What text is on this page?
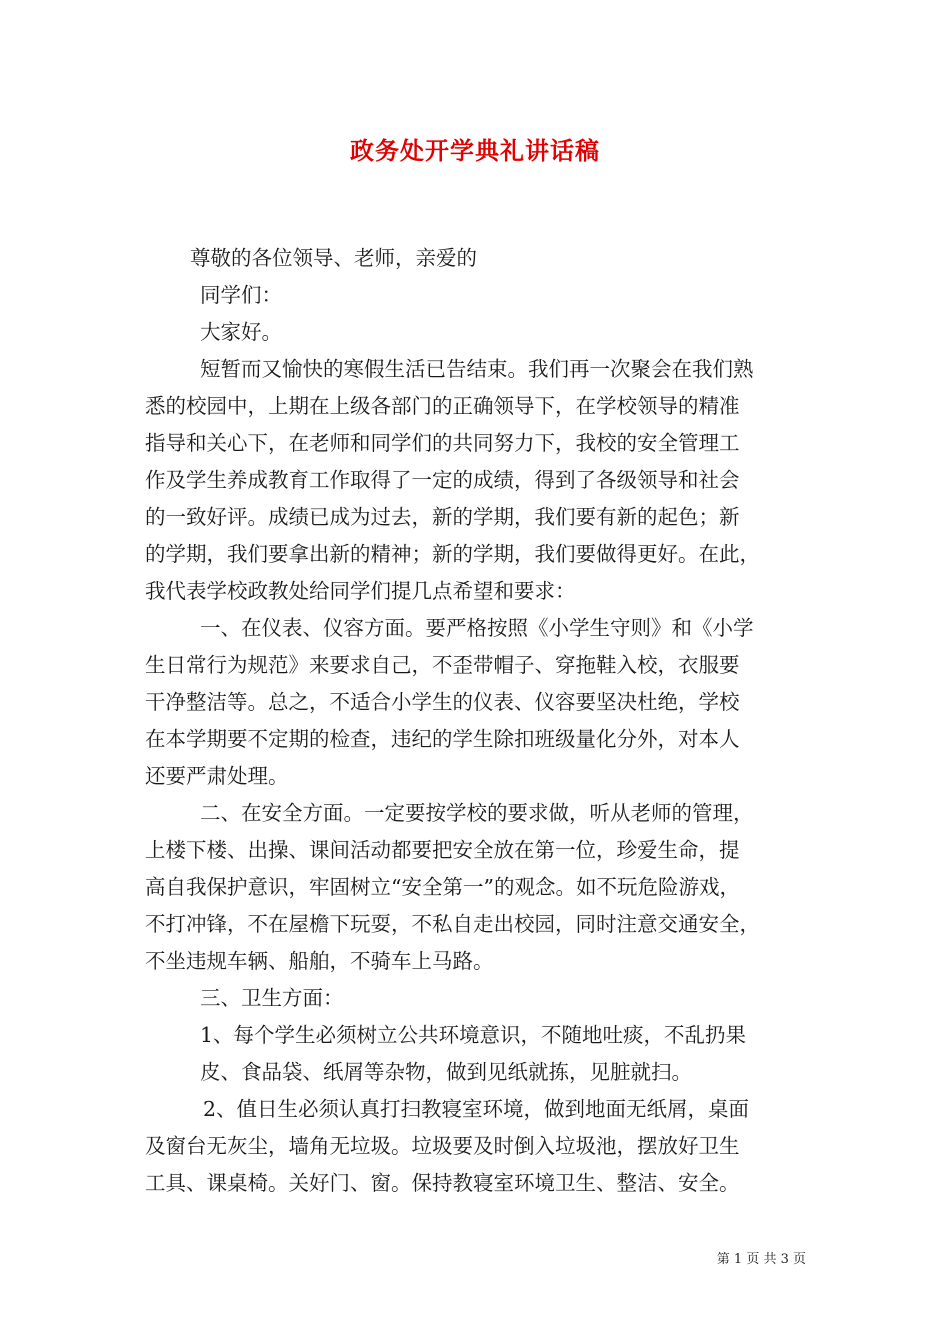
政务处开学典礼讲话稿
尊敬的各位领导、老师，亲爱的
同学们：
大家好。
短暂而又愉快的寒假生活已告结束。我们再一次聚会在我们熟
悉的校园中，上期在上级各部门的正确领导下，在学校领导的精准
指导和关心下，在老师和同学们的共同努力下，我校的安全管理工
作及学生养成教育工作取得了一定的成绩，得到了各级领导和社会
的一致好评。成绩已成为过去，新的学期，我们要有新的起色；新
的学期，我们要拿出新的精神；新的学期，我们要做得更好。在此，
我代表学校政教处给同学们提几点希望和要求：
一、在仪表、仪容方面。要严格按照《小学生守则》和《小学
生日常行为规范》来要求自己，不歪带帽子、穿拖鞋入校，衣服要
干净整洁等。总之，不适合小学生的仪表、仪容要坚决杜绝，学校
在本学期要不定期的检查，违纪的学生除扣班级量化分外，对本人
还要严肃处理。
二、在安全方面。一定要按学校的要求做，听从老师的管理，
上楼下楼、出操、课间活动都要把安全放在第一位，珍爱生命，提
高自我保护意识，牢固树立“安全第一”的观念。如不玩危险游戏，
不打冲锋，不在屋檐下玩耍，不私自走出校园，同时注意交通安全，
不坐违规车辆、船舶，不骑车上马路。
三、卫生方面：
1、每个学生必须树立公共环境意识，不随地吐痰，不乱扔果
皮、食品袋、纸屑等杂物，做到见纸就拣，见脏就扫。
2、值日生必须认真打扫教寝室环境，做到地面无纸屑，桌面
及窗台无灰尘，墙角无垃圾。垃圾要及时倒入垃圾池，摆放好卫生
工具、课桌椅。关好门、窗。保持教寝室环境卫生、整洁、安全。
第 1 页 共 3 页
